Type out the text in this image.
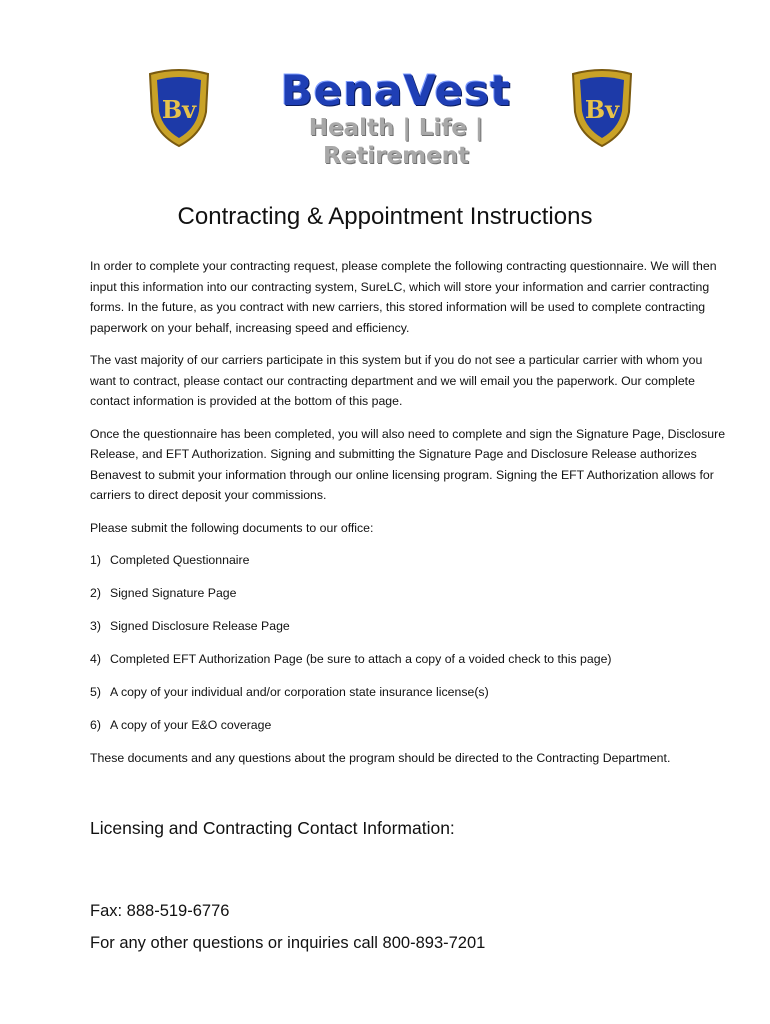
Bv	BenaVest
Health | Life | Retirement
Bv
Contracting & Appointment Instructions

In order to complete your contracting request, please complete the following contracting questionnaire. We will then input this information into our contracting system, SureLC, which will store your information and carrier contracting forms. In the future, as you contract with new carriers, this stored information will be used to complete contracting paperwork on your behalf, increasing speed and efficiency.

The vast majority of our carriers participate in this system but if you do not see a particular carrier with whom you want to contract, please contact our contracting department and we will email you the paperwork. Our complete contact information is provided at the bottom of this page.

Once the questionnaire has been completed, you will also need to complete and sign the Signature Page, Disclosure Release, and EFT Authorization. Signing and submitting the Signature Page and Disclosure Release authorizes Benavest to submit your information through our online licensing program. Signing the EFT Authorization allows for carriers to direct deposit your commissions.

Please submit the following documents to our office:

1) Completed Questionnaire
2) Signed Signature Page
3) Signed Disclosure Release Page
4) Completed EFT Authorization Page (be sure to attach a copy of a voided check to this page)
5) A copy of your individual and/or corporation state insurance license(s)
6) A copy of your E&O coverage

These documents and any questions about the program should be directed to the Contracting Department.

Licensing and Contracting Contact Information:
Fax: 888-519-6776
For any other questions or inquiries call 800-893-7201
